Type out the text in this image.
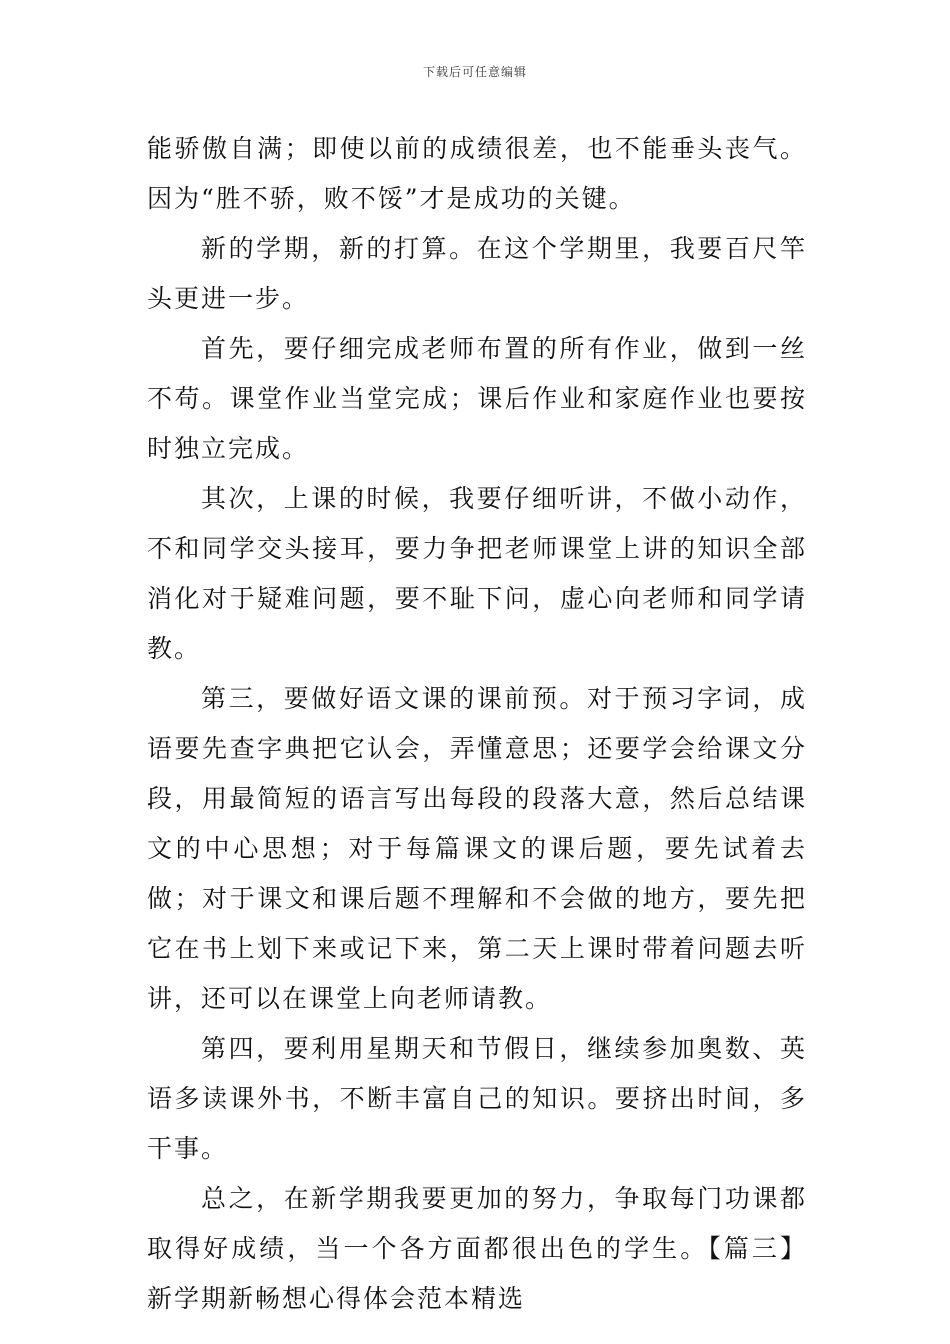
下载后可任意编辑

能骄傲自满；即使以前的成绩很差，也不能垂头丧气。因为“胜不骄，败不馁”才是成功的关键。

新的学期，新的打算。在这个学期里，我要百尺竿头更进一步。

首先，要仔细完成老师布置的所有作业，做到一丝不苟。课堂作业当堂完成；课后作业和家庭作业也要按时独立完成。

其次，上课的时候，我要仔细听讲，不做小动作，不和同学交头接耳，要力争把老师课堂上讲的知识全部消化对于疑难问题，要不耻下问，虚心向老师和同学请教。

第三，要做好语文课的课前预。对于预习字词，成语要先查字典把它认会，弄懂意思；还要学会给课文分段，用最简短的语言写出每段的段落大意，然后总结课文的中心思想；对于每篇课文的课后题，要先试着去做；对于课文和课后题不理解和不会做的地方，要先把它在书上划下来或记下来，第二天上课时带着问题去听讲，还可以在课堂上向老师请教。

第四，要利用星期天和节假日，继续参加奥数、英语多读课外书，不断丰富自己的知识。要挤出时间，多干事。

总之，在新学期我要更加的努力，争取每门功课都取得好成绩，当一个各方面都很出色的学生。【篇三】新学期新畅想心得体会范本精选
